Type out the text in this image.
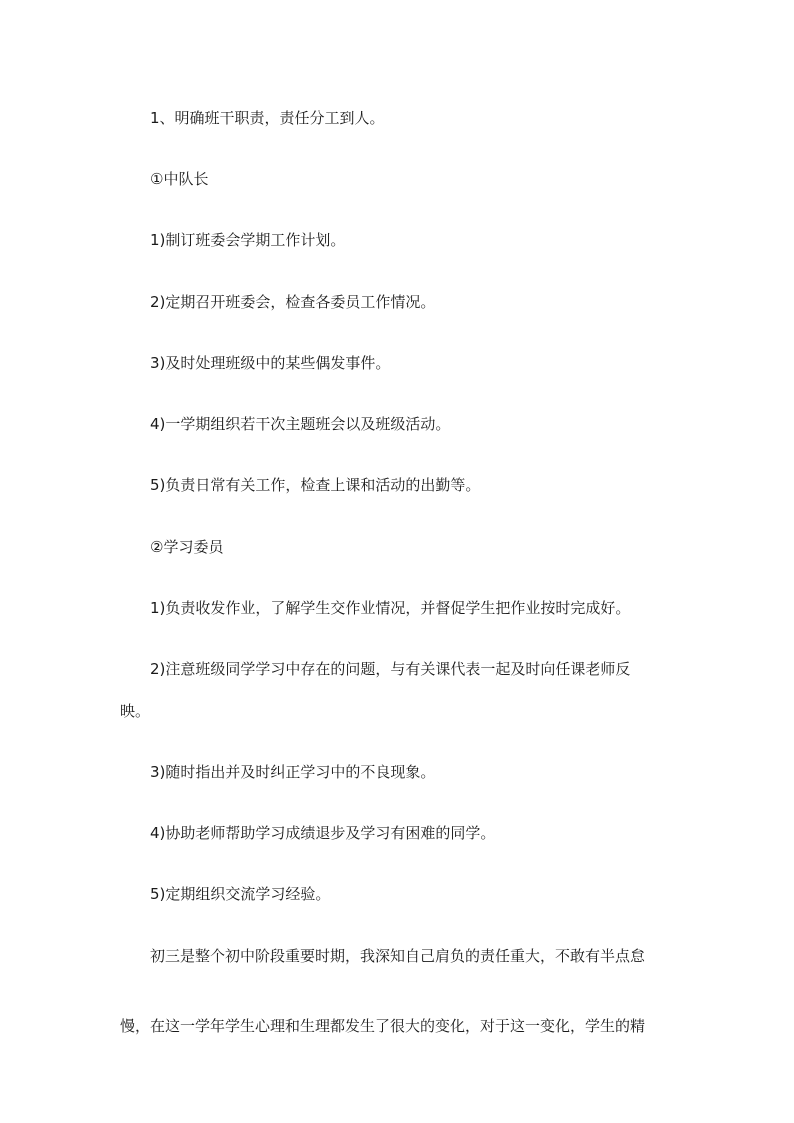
1、明确班干职责，责任分工到人。
①中队长
1)制订班委会学期工作计划。
2)定期召开班委会，检查各委员工作情况。
3)及时处理班级中的某些偶发事件。
4)一学期组织若干次主题班会以及班级活动。
5)负责日常有关工作，检查上课和活动的出勤等。
②学习委员
1)负责收发作业，了解学生交作业情况，并督促学生把作业按时完成好。
2)注意班级同学学习中存在的问题，与有关课代表一起及时向任课老师反
映。
3)随时指出并及时纠正学习中的不良现象。
4)协助老师帮助学习成绩退步及学习有困难的同学。
5)定期组织交流学习经验。
初三是整个初中阶段重要时期，我深知自己肩负的责任重大，不敢有半点怠
慢，在这一学年学生心理和生理都发生了很大的变化，对于这一变化，学生的精
